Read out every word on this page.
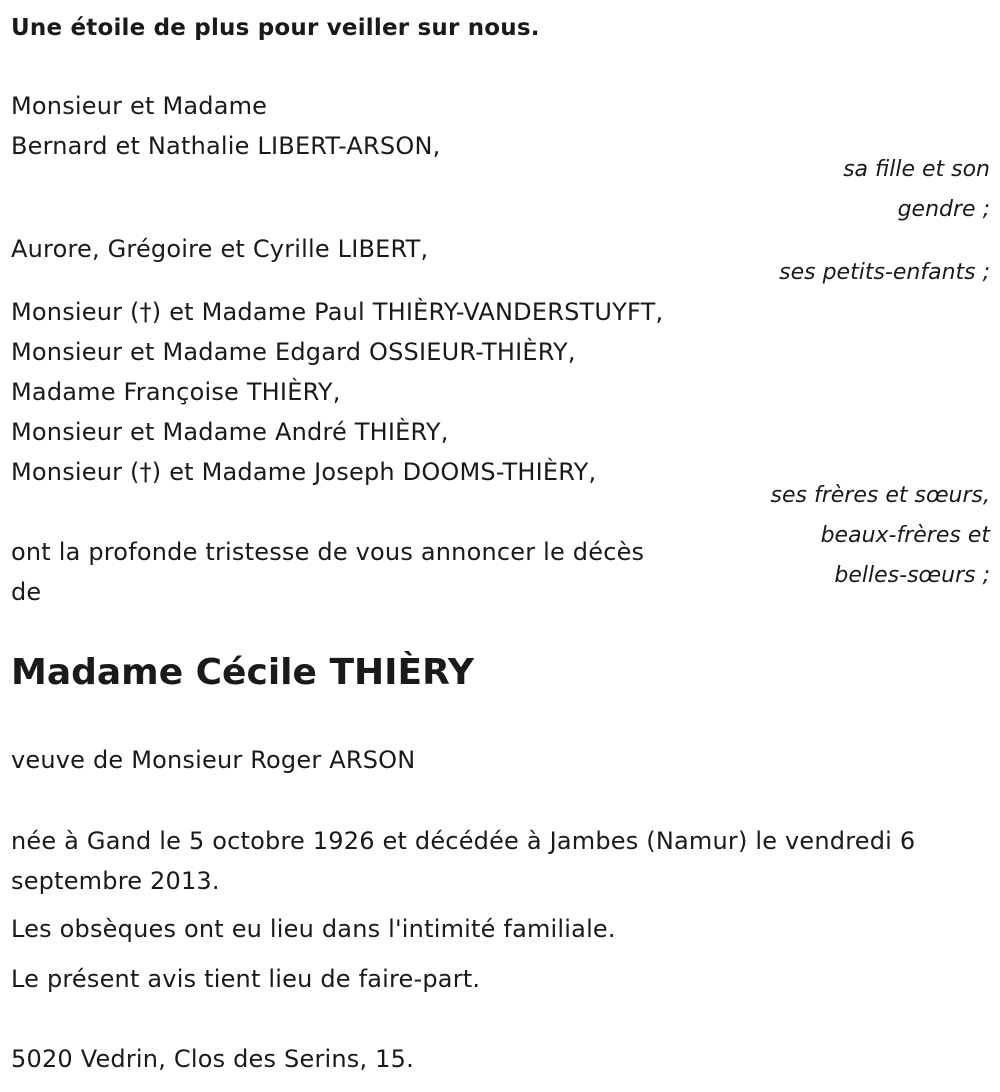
Une étoile de plus pour veiller sur nous.
Monsieur et Madame
Bernard et Nathalie LIBERT-ARSON,
sa fille et son
gendre ;
Aurore, Grégoire et Cyrille LIBERT,
ses petits-enfants ;
Monsieur (†) et Madame Paul THIÈRY-VANDERSTUYFT,
Monsieur et Madame Edgard OSSIEUR-THIÈRY,
Madame Françoise THIÈRY,
Monsieur et Madame André THIÈRY,
Monsieur (†) et Madame Joseph DOOMS-THIÈRY,
ses frères et sœurs,
beaux-frères et
belles-sœurs ;
ont la profonde tristesse de vous annoncer le décès
de
Madame Cécile THIÈRY
veuve de Monsieur Roger ARSON
née à Gand le 5 octobre 1926 et décédée à Jambes (Namur) le vendredi 6
septembre 2013.
Les obsèques ont eu lieu dans l'intimité familiale.
Le présent avis tient lieu de faire-part.
5020 Vedrin, Clos des Serins, 15.
